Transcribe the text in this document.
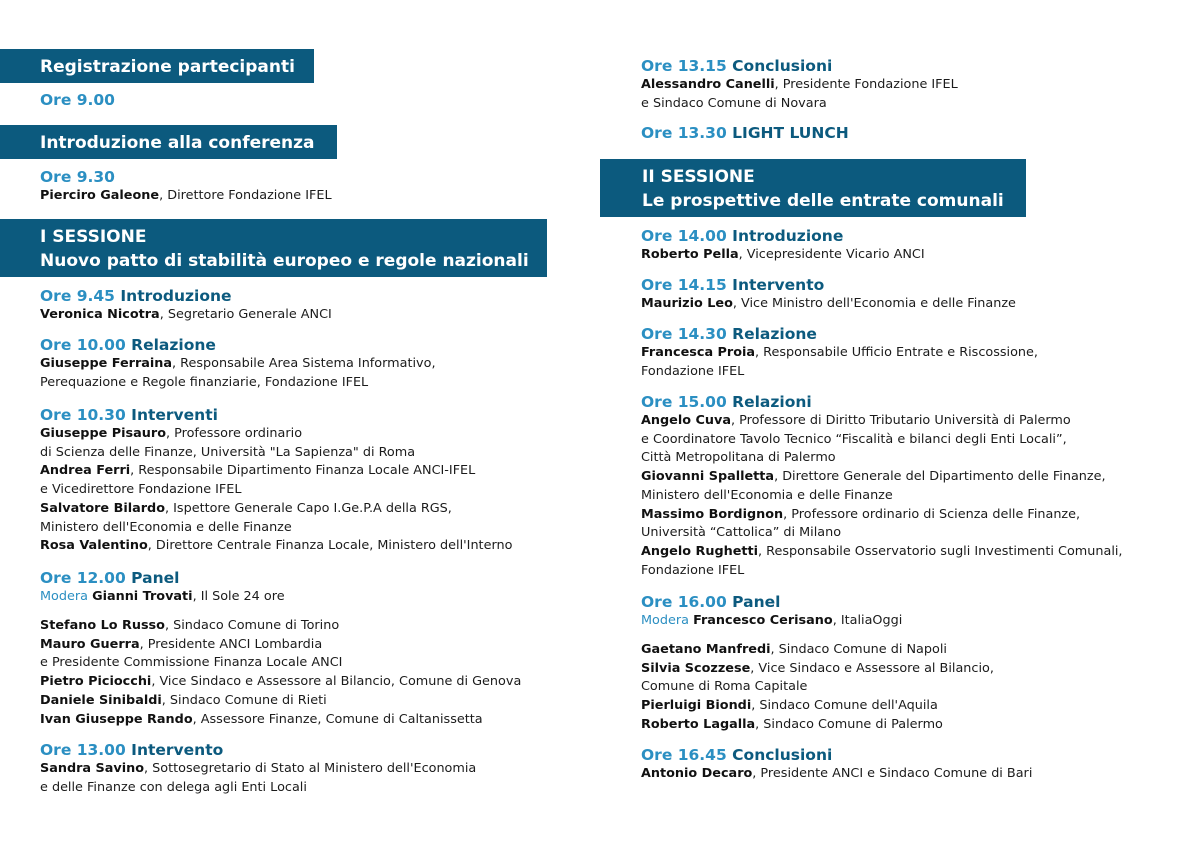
Registrazione partecipanti
Ore 9.00
Introduzione alla conferenza
Ore 9.30
Pierciro Galeone, Direttore Fondazione IFEL
I SESSIONE
Nuovo patto di stabilità europeo e regole nazionali
Ore 9.45 Introduzione
Veronica Nicotra, Segretario Generale ANCI
Ore 10.00 Relazione
Giuseppe Ferraina, Responsabile Area Sistema Informativo,
Perequazione e Regole finanziarie, Fondazione IFEL
Ore 10.30 Interventi
Giuseppe Pisauro, Professore ordinario
di Scienza delle Finanze, Università "La Sapienza" di Roma
Andrea Ferri, Responsabile Dipartimento Finanza Locale ANCI-IFEL
e Vicedirettore Fondazione IFEL
Salvatore Bilardo, Ispettore Generale Capo I.Ge.P.A della RGS,
Ministero dell'Economia e delle Finanze
Rosa Valentino, Direttore Centrale Finanza Locale, Ministero dell'Interno
Ore 12.00 Panel
Modera Gianni Trovati, Il Sole 24 ore
Stefano Lo Russo, Sindaco Comune di Torino
Mauro Guerra, Presidente ANCI Lombardia
e Presidente Commissione Finanza Locale ANCI
Pietro Piciocchi, Vice Sindaco e Assessore al Bilancio, Comune di Genova
Daniele Sinibaldi, Sindaco Comune di Rieti
Ivan Giuseppe Rando, Assessore Finanze, Comune di Caltanissetta
Ore 13.00 Intervento
Sandra Savino, Sottosegretario di Stato al Ministero dell'Economia
e delle Finanze con delega agli Enti Locali
Ore 13.15 Conclusioni
Alessandro Canelli, Presidente Fondazione IFEL
e Sindaco Comune di Novara
Ore 13.30 LIGHT LUNCH
II SESSIONE
Le prospettive delle entrate comunali
Ore 14.00 Introduzione
Roberto Pella, Vicepresidente Vicario ANCI
Ore 14.15 Intervento
Maurizio Leo, Vice Ministro dell'Economia e delle Finanze
Ore 14.30 Relazione
Francesca Proia, Responsabile Ufficio Entrate e Riscossione,
Fondazione IFEL
Ore 15.00 Relazioni
Angelo Cuva, Professore di Diritto Tributario Università di Palermo
e Coordinatore Tavolo Tecnico “Fiscalità e bilanci degli Enti Locali”,
Città Metropolitana di Palermo
Giovanni Spalletta, Direttore Generale del Dipartimento delle Finanze,
Ministero dell'Economia e delle Finanze
Massimo Bordignon, Professore ordinario di Scienza delle Finanze,
Università “Cattolica” di Milano
Angelo Rughetti, Responsabile Osservatorio sugli Investimenti Comunali,
Fondazione IFEL
Ore 16.00 Panel
Modera Francesco Cerisano, ItaliaOggi
Gaetano Manfredi, Sindaco Comune di Napoli
Silvia Scozzese, Vice Sindaco e Assessore al Bilancio,
Comune di Roma Capitale
Pierluigi Biondi, Sindaco Comune dell'Aquila
Roberto Lagalla, Sindaco Comune di Palermo
Ore 16.45 Conclusioni
Antonio Decaro, Presidente ANCI e Sindaco Comune di Bari
